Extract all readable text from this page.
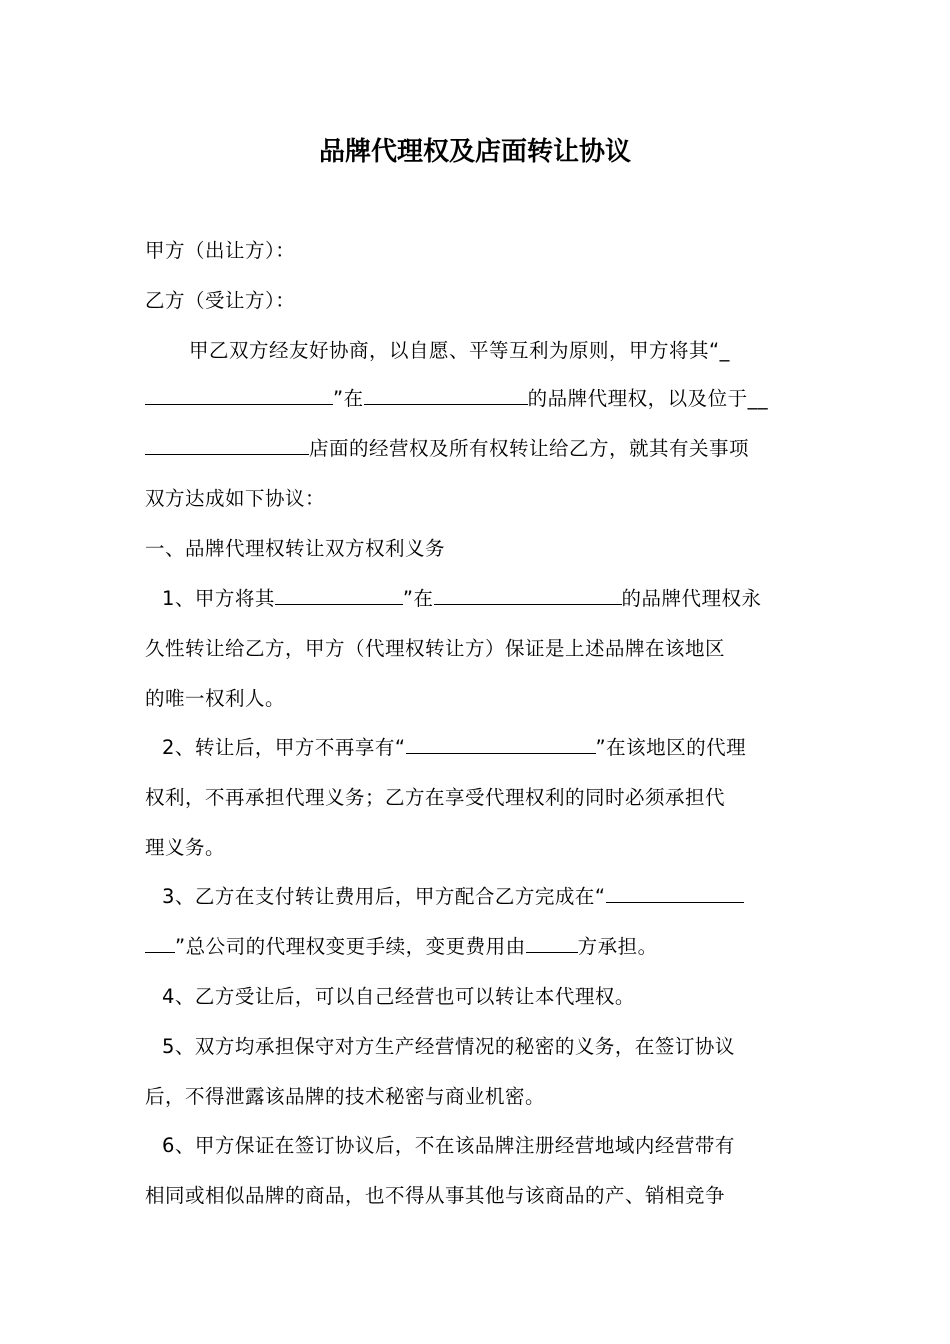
品牌代理权及店面转让协议
甲方（出让方）：
乙方（受让方）：
甲乙双方经友好协商，以自愿、平等互利为原则，甲方将其“_
”在	的品牌代理权，以及位于__
店面的经营权及所有权转让给乙方，就其有关事项
双方达成如下协议：
一、品牌代理权转让双方权利义务
1、甲方将其	”在	的品牌代理权永
久性转让给乙方，甲方（代理权转让方）保证是上述品牌在该地区
的唯一权利人。
2、转让后，甲方不再享有“	”在该地区的代理
权利，不再承担代理义务；乙方在享受代理权利的同时必须承担代
理义务。
3、乙方在支付转让费用后，甲方配合乙方完成在“
”总公司的代理权变更手续，变更费用由	方承担。
4、乙方受让后，可以自己经营也可以转让本代理权。
5、双方均承担保守对方生产经营情况的秘密的义务，在签订协议
后，不得泄露该品牌的技术秘密与商业机密。
6、甲方保证在签订协议后，不在该品牌注册经营地域内经营带有
相同或相似品牌的商品，也不得从事其他与该商品的产、销相竞争
